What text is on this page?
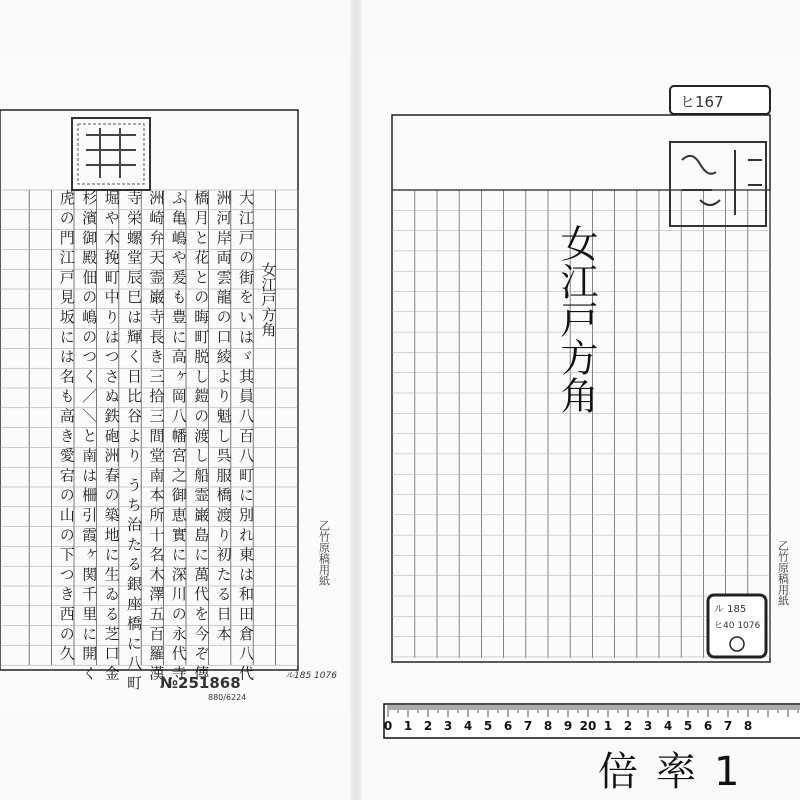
女江戸方角
大江戸の街をいはゞ其員八百八町に別れ東は和田倉八代
洲河岸両雲龍の口綾より魁し呉服橋渡り初たる日本
橋月と花との晦町脱し鎧の渡し船霊巌島に萬代を今ぞ傳
ふ亀嶋や爰も豊に高ヶ岡八幡宮之御恵實に深川の永代寺
洲崎弁天霊巌寺長き三拾三間堂南本所十名木澤五百羅漢
寺栄螺堂辰巳は輝く日比谷より うち治たる銀座橋に八町
堀や木挽町中りはつさぬ鉄砲洲春の築地に生ゐる芝口金
杉濱御殿佃の嶋のつく／＼と南は柵引霞ヶ関千里に開く
虎の門江戸見坂には名も高き愛宕の山の下つき西の久
ヒ167
ル 185
ヒ40 1076
乙竹原稿用紙	乙竹原稿用紙
女江戸方角
№251868
880/6224
ル185 1076
0 1 2 3 4 5 6 7 8 9 20 1 2 3 4 5 6 7 8
倍率1
